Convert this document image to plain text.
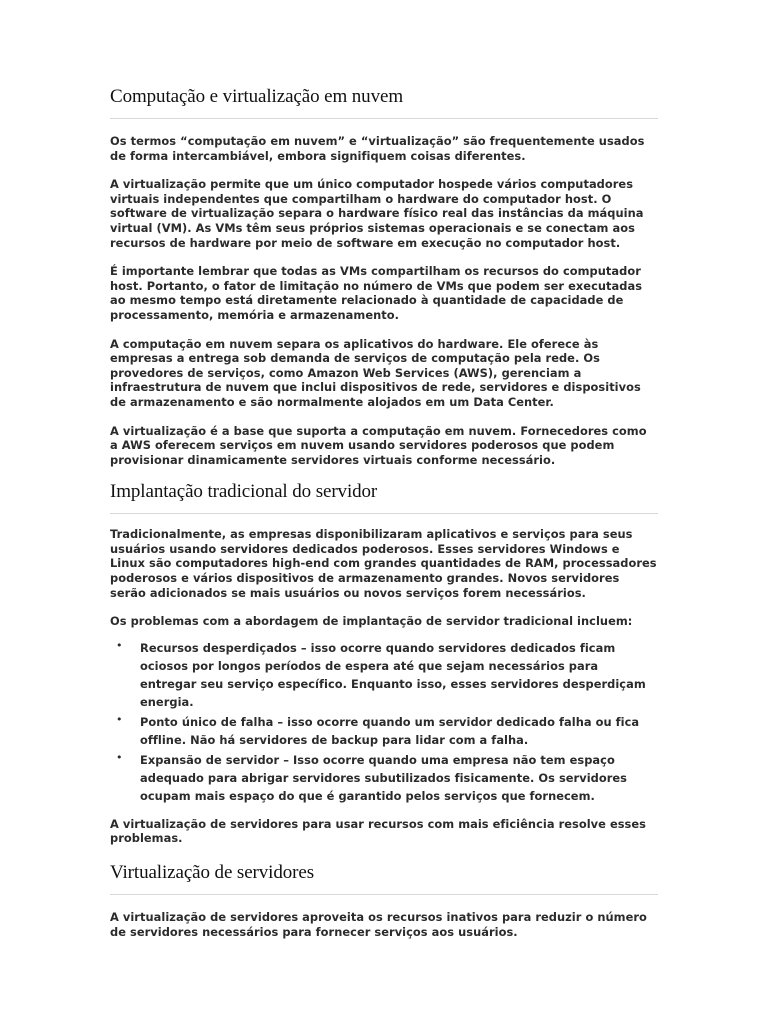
Computação e virtualização em nuvem

Os termos “computação em nuvem” e “virtualização” são frequentemente usados de forma intercambiável, embora signifiquem coisas diferentes.

A virtualização permite que um único computador hospede vários computadores virtuais independentes que compartilham o hardware do computador host. O software de virtualização separa o hardware físico real das instâncias da máquina virtual (VM). As VMs têm seus próprios sistemas operacionais e se conectam aos recursos de hardware por meio de software em execução no computador host.

É importante lembrar que todas as VMs compartilham os recursos do computador host. Portanto, o fator de limitação no número de VMs que podem ser executadas ao mesmo tempo está diretamente relacionado à quantidade de capacidade de processamento, memória e armazenamento.

A computação em nuvem separa os aplicativos do hardware. Ele oferece às empresas a entrega sob demanda de serviços de computação pela rede. Os provedores de serviços, como Amazon Web Services (AWS), gerenciam a infraestrutura de nuvem que inclui dispositivos de rede, servidores e dispositivos de armazenamento e são normalmente alojados em um Data Center.

A virtualização é a base que suporta a computação em nuvem. Fornecedores como a AWS oferecem serviços em nuvem usando servidores poderosos que podem provisionar dinamicamente servidores virtuais conforme necessário.

Implantação tradicional do servidor

Tradicionalmente, as empresas disponibilizaram aplicativos e serviços para seus usuários usando servidores dedicados poderosos. Esses servidores Windows e Linux são computadores high-end com grandes quantidades de RAM, processadores poderosos e vários dispositivos de armazenamento grandes. Novos servidores serão adicionados se mais usuários ou novos serviços forem necessários.

Os problemas com a abordagem de implantação de servidor tradicional incluem:

• Recursos desperdiçados – isso ocorre quando servidores dedicados ficam ociosos por longos períodos de espera até que sejam necessários para entregar seu serviço específico. Enquanto isso, esses servidores desperdiçam energia.
• Ponto único de falha – isso ocorre quando um servidor dedicado falha ou fica offline. Não há servidores de backup para lidar com a falha.
• Expansão de servidor – Isso ocorre quando uma empresa não tem espaço adequado para abrigar servidores subutilizados fisicamente. Os servidores ocupam mais espaço do que é garantido pelos serviços que fornecem.

A virtualização de servidores para usar recursos com mais eficiência resolve esses problemas.

Virtualização de servidores

A virtualização de servidores aproveita os recursos inativos para reduzir o número de servidores necessários para fornecer serviços aos usuários.
